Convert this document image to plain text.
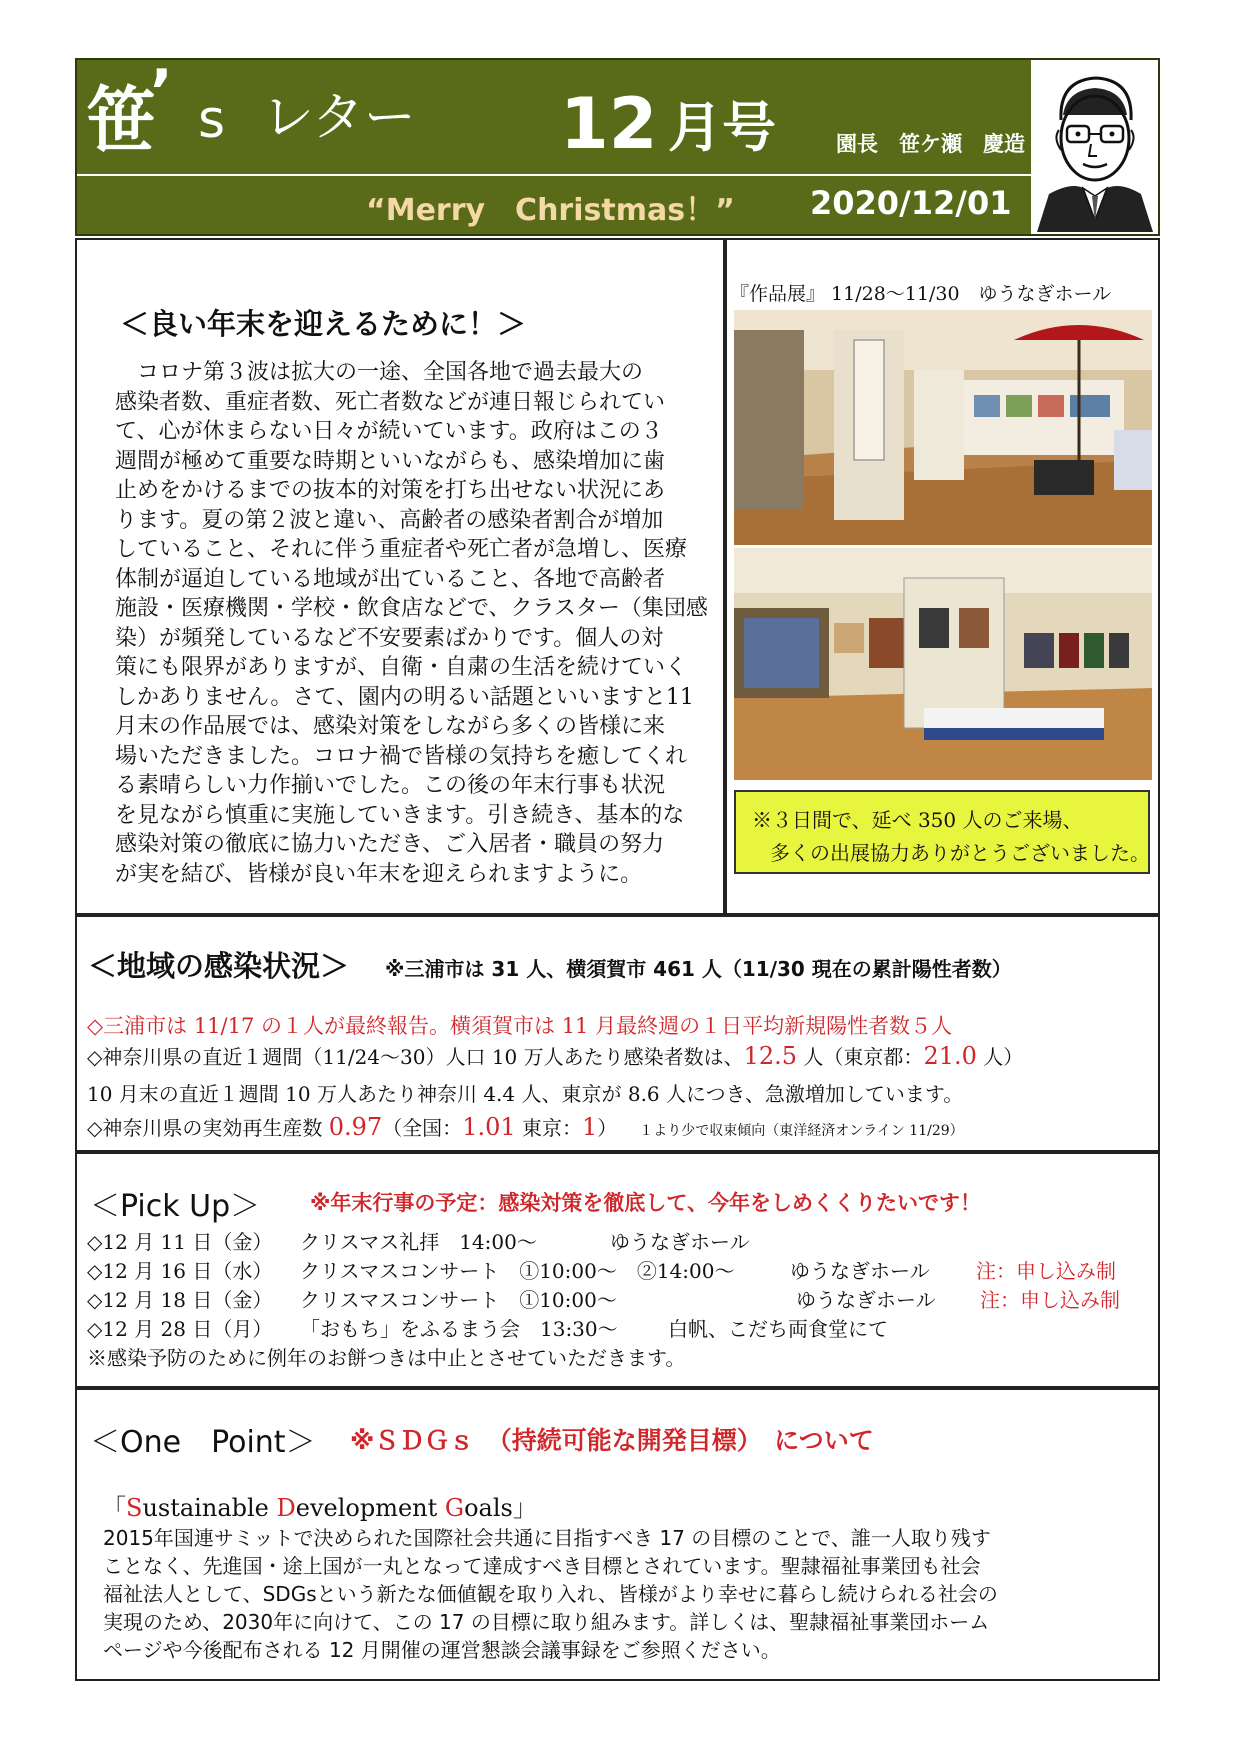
笹
’ s レター 12 月号	園長　笹ケ瀬　慶造
“Merry　Christmas！” 2020/12/01
＜良い年末を迎えるために！＞
　コロナ第３波は拡大の一途、全国各地で過去最大の
感染者数、重症者数、死亡者数などが連日報じられてい
て、心が休まらない日々が続いています。政府はこの３
週間が極めて重要な時期といいながらも、感染増加に歯
止めをかけるまでの抜本的対策を打ち出せない状況にあ
ります。夏の第２波と違い、高齢者の感染者割合が増加
していること、それに伴う重症者や死亡者が急増し、医療
体制が逼迫している地域が出ていること、各地で高齢者
施設・医療機関・学校・飲食店などで、クラスター（集団感
染）が頻発しているなど不安要素ばかりです。個人の対
策にも限界がありますが、自衛・自粛の生活を続けていく
しかありません。さて、園内の明るい話題といいますと11
月末の作品展では、感染対策をしながら多くの皆様に来
場いただきました。コロナ禍で皆様の気持ちを癒してくれ
る素晴らしい力作揃いでした。この後の年末行事も状況
を見ながら慎重に実施していきます。引き続き、基本的な
感染対策の徹底に協力いただき、ご入居者・職員の努力
が実を結び、皆様が良い年末を迎えられますように。
『作品展』 11/28～11/30　ゆうなぎホール
※３日間で、延べ 350 人のご来場、
多くの出展協力ありがとうございました。
＜地域の感染状況＞ ※三浦市は 31 人、横須賀市 461 人（11/30 現在の累計陽性者数）
◇三浦市は 11/17 の１人が最終報告。横須賀市は 11 月最終週の１日平均新規陽性者数５人
◇神奈川県の直近１週間（11/24～30）人口 10 万人あたり感染者数は、12.5 人（東京都：21.0 人）
10 月末の直近１週間 10 万人あたり神奈川 4.4 人、東京が 8.6 人につき、急激増加しています。
◇神奈川県の実効再生産数 0.97（全国：1.01 東京：1） １より少で収束傾向（東洋経済オンライン 11/29）
＜Pick Up＞ ※年末行事の予定：感染対策を徹底して、今年をしめくくりたいです！
◇12 月 11 日（金） クリスマス礼拝　14:00～	ゆうなぎホール
◇12 月 16 日（水） クリスマスコンサート　①10:00～　②14:00～	ゆうなぎホール 注：申し込み制
◇12 月 18 日（金） クリスマスコンサート　①10:00～	ゆうなぎホール 注：申し込み制
◇12 月 28 日（月） 「おもち」をふるまう会　13:30～	白帆、こだち両食堂にて
※感染予防のために例年のお餅つきは中止とさせていただきます。
＜One　Point＞ ※ＳＤＧｓ　（持続可能な開発目標）　について
「Sustainable Development Goals」
2015年国連サミットで決められた国際社会共通に目指すべき 17 の目標のことで、誰一人取り残す
ことなく、先進国・途上国が一丸となって達成すべき目標とされています。聖隷福祉事業団も社会
福祉法人として、SDGsという新たな価値観を取り入れ、皆様がより幸せに暮らし続けられる社会の
実現のため、2030年に向けて、この 17 の目標に取り組みます。詳しくは、聖隷福祉事業団ホーム
ページや今後配布される 12 月開催の運営懇談会議事録をご参照ください。
